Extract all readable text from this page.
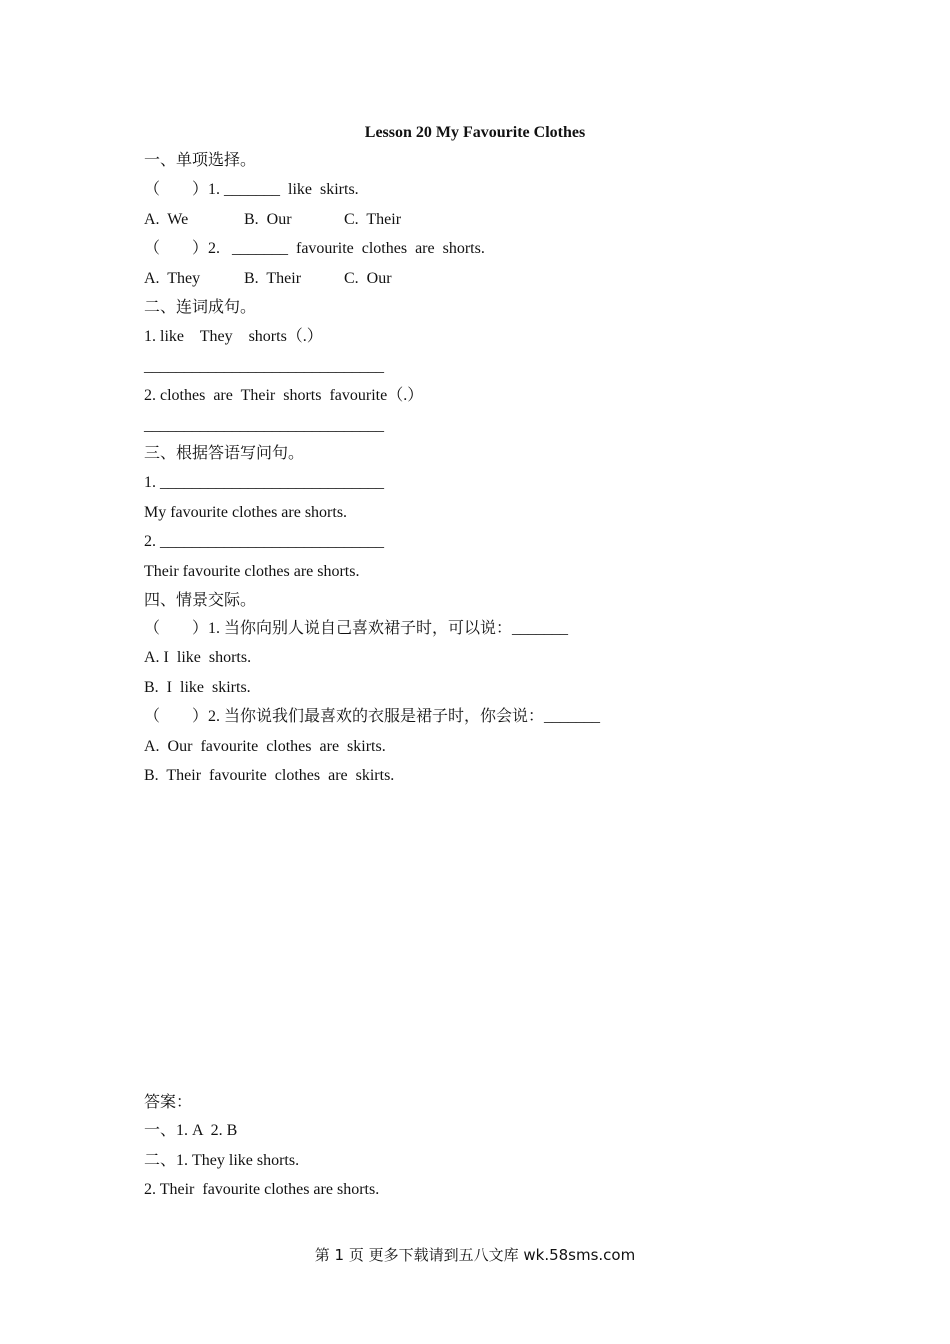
Lesson 20 My Favourite Clothes
一、单项选择。
（　　）1. _______  like  skirts.
A.  We	B.  Our	C.  Their
（　　）2.   _______  favourite  clothes  are  shorts.
A.  They	B.  Their	C.  Our
二、连词成句。
1. like    They    shorts（.）
______________________________
2. clothes  are  Their  shorts  favourite（.）
______________________________
三、根据答语写问句。
1. ____________________________
My favourite clothes are shorts.
2. ____________________________
Their favourite clothes are shorts.
四、情景交际。
（　　）1. 当你向别人说自己喜欢裙子时，可以说：_______
A. I  like  shorts.
B.  I  like  skirts.
（　　）2. 当你说我们最喜欢的衣服是裙子时，你会说：_______
A.  Our  favourite  clothes  are  skirts.
B.  Their  favourite  clothes  are  skirts.
答案：
一、1. A  2. B
二、1. They like shorts.
2. Their  favourite clothes are shorts.
第 1 页 更多下载请到五八文库 wk.58sms.com
